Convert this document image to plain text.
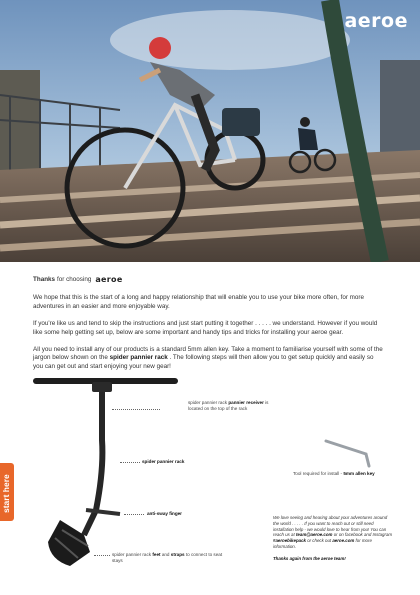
aeroe
Thanks for choosing aeroe

We hope that this is the start of a long and happy relationship that will enable you to use your bike more often, for more adventures in an easier and more enjoyable way.

If you're like us and tend to skip the instructions and just start putting it together . . . . . we understand. However if you would like some help getting set up, below are some important and handy tips and tricks for installing your aeroe gear.

All you need to install any of our products is a standard 5mm allen key. Take a moment to familiarise yourself with some of the jargon below shown on the spider pannier rack . The following steps will then allow you to get setup quickly and easily so you can get out and start enjoying your new gear!

spider pannier rack pannier receiver is located on the top of the rack
spider pannier rack
anti-sway finger
spider pannier rack feet and straps to connect to seat stays
Tool required for install - 5mm allen key
We love seeing and hearing about your adventures around the world . . . . . If you want to reach out or still need installation help - we would love to hear from you! You can reach us at team@aeroe.com or on facebook and Instagram #aeroebikepack or check out aeroe.com for more information.
Thanks again from the aeroe team!
start here
